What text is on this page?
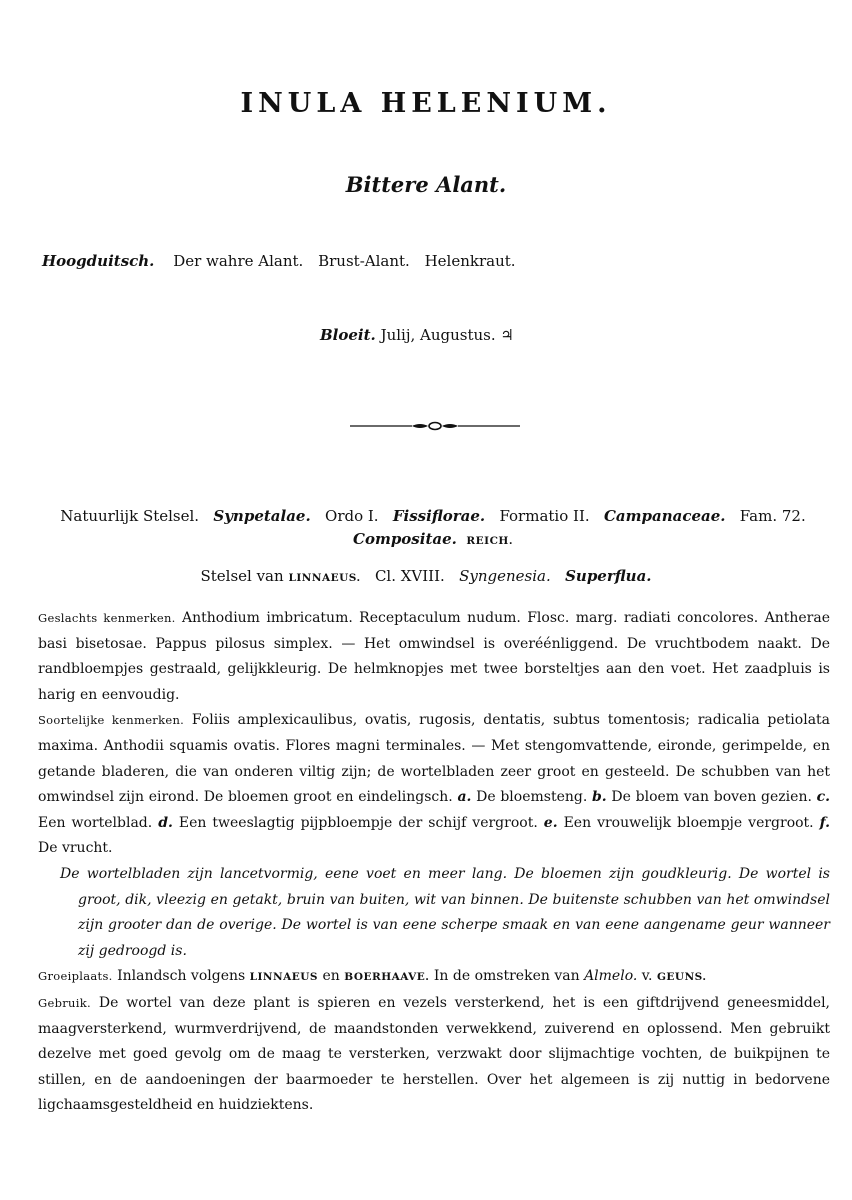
INULA HELENIUM.
Bittere Alant.
Hoogduitsch. Der wahre Alant. Brust-Alant. Helenkraut.
Bloeit. Julij, Augustus. ♃
Natuurlijk Stelsel. Synpetalae. Ordo I. Fissiflorae. Formatio II. Campanaceae. Fam. 72.
Compositae. REICH.
Stelsel van LINNAEUS. Cl. XVIII. Syngenesia. Superflua.

Geslachts kenmerken. Anthodium imbricatum. Receptaculum nudum. Flosc. marg. radiati concolores. Antherae basi bisetosae. Pappus pilosus simplex. — Het omwindsel is overéénliggend. De vruchtbodem naakt. De randbloempjes gestraald, gelijkkleurig. De helmknopjes met twee borsteltjes aan den voet. Het zaadpluis is harig en eenvoudig.

Soortelijke kenmerken. Foliis amplexicaulibus, ovatis, rugosis, dentatis, subtus tomentosis; radicalia petiolata maxima. Anthodii squamis ovatis. Flores magni terminales. — Met stengomvattende, eironde, gerimpelde, en getande bladeren, die van onderen viltig zijn; de wortelbladen zeer groot en gesteeld. De schubben van het omwindsel zijn eirond. De bloemen groot en eindelingsch. a. De bloemsteng. b. De bloem van boven gezien. c. Een wortelblad. d. Een tweeslagtig pijpbloempje der schijf vergroot. e. Een vrouwelijk bloempje vergroot. f. De vrucht.

De wortelbladen zijn lancetvormig, eene voet en meer lang. De bloemen zijn goudkleurig. De wortel is groot, dik, vleezig en getakt, bruin van buiten, wit van binnen. De buitenste schubben van het omwindsel zijn grooter dan de overige. De wortel is van eene scherpe smaak en van eene aangename geur wanneer zij gedroogd is.

Groeiplaats. Inlandsch volgens LINNAEUS en BOERHAAVE. In de omstreken van Almelo. v. GEUNS.

Gebruik. De wortel van deze plant is spieren en vezels versterkend, het is een giftdrijvend geneesmiddel, maagversterkend, wurmverdrijvend, de maandstonden verwekkend, zuiverend en oplossend. Men gebruikt dezelve met goed gevolg om de maag te versterken, verzwakt door slijmachtige vochten, de buikpijnen te stillen, en de aandoeningen der baarmoeder te herstellen. Over het algemeen is zij nuttig in bedorvene ligchaamsgesteldheid en huidziektens.
